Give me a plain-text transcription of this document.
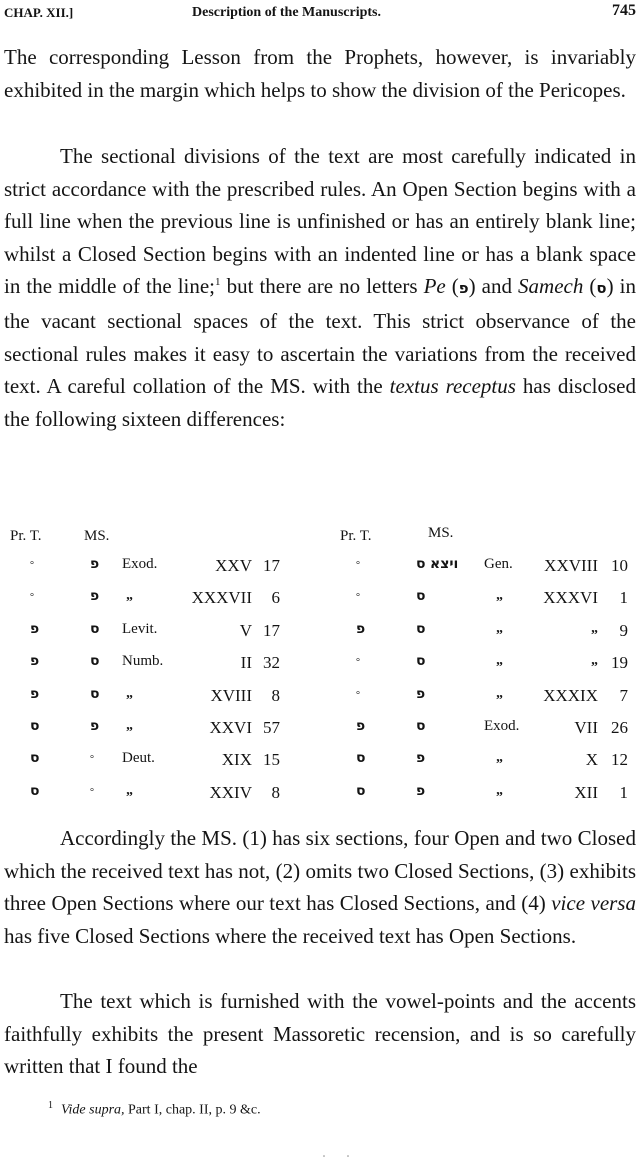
CHAP. XII.]	Description of the Manuscripts.	745

The corresponding Lesson from the Prophets, however, is invariably exhibited in the margin which helps to show the division of the Pericopes.

The sectional divisions of the text are most carefully indicated in strict accordance with the prescribed rules. An Open Section begins with a full line when the previous line is unfinished or has an entirely blank line; whilst a Closed Section begins with an indented line or has a blank space in the middle of the line;$^1$ but there are no letters Pe (פ) and Samech (ס) in the vacant sectional spaces of the text. This strict observance of the sectional rules makes it easy to ascertain the variations from the received text. A careful collation of the MS. with the textus receptus has disclosed the following sixteen differences:

Pr. T.	MS.	Pr. T.	MS.
°	פ Exod.	XXV 17
°	פ „	XXXVII	6
פ	ס Levit.	V 17
פ	ס Numb.	II 32
פ	ס „	XVIII	8
ס	פ „	XXVI 57
ס	° Deut.	XIX 15
ס	° „	XXIV	8
°	ס ויצא Gen.	XXVIII 10
°	ס	„	XXXVI	1
פ	ס	„	„	9
°	ס	„	„ 19
°	פ	„	XXXIX	7
פ	ס	Exod.	VII 26
ס	פ	„	X 12
ס	פ	„	XII	1
$^1$ Vide supra, Part I, chap. II, p. 9 &c.

Accordingly the MS. (1) has six sections, four Open and two Closed which the received text has not, (2) omits two Closed Sections, (3) exhibits three Open Sections where our text has Closed Sections, and (4) vice versa has five Closed Sections where the received text has Open Sections.

The text which is furnished with the vowel-points and the accents faithfully exhibits the present Massoretic recension, and is so carefully written that I found the
